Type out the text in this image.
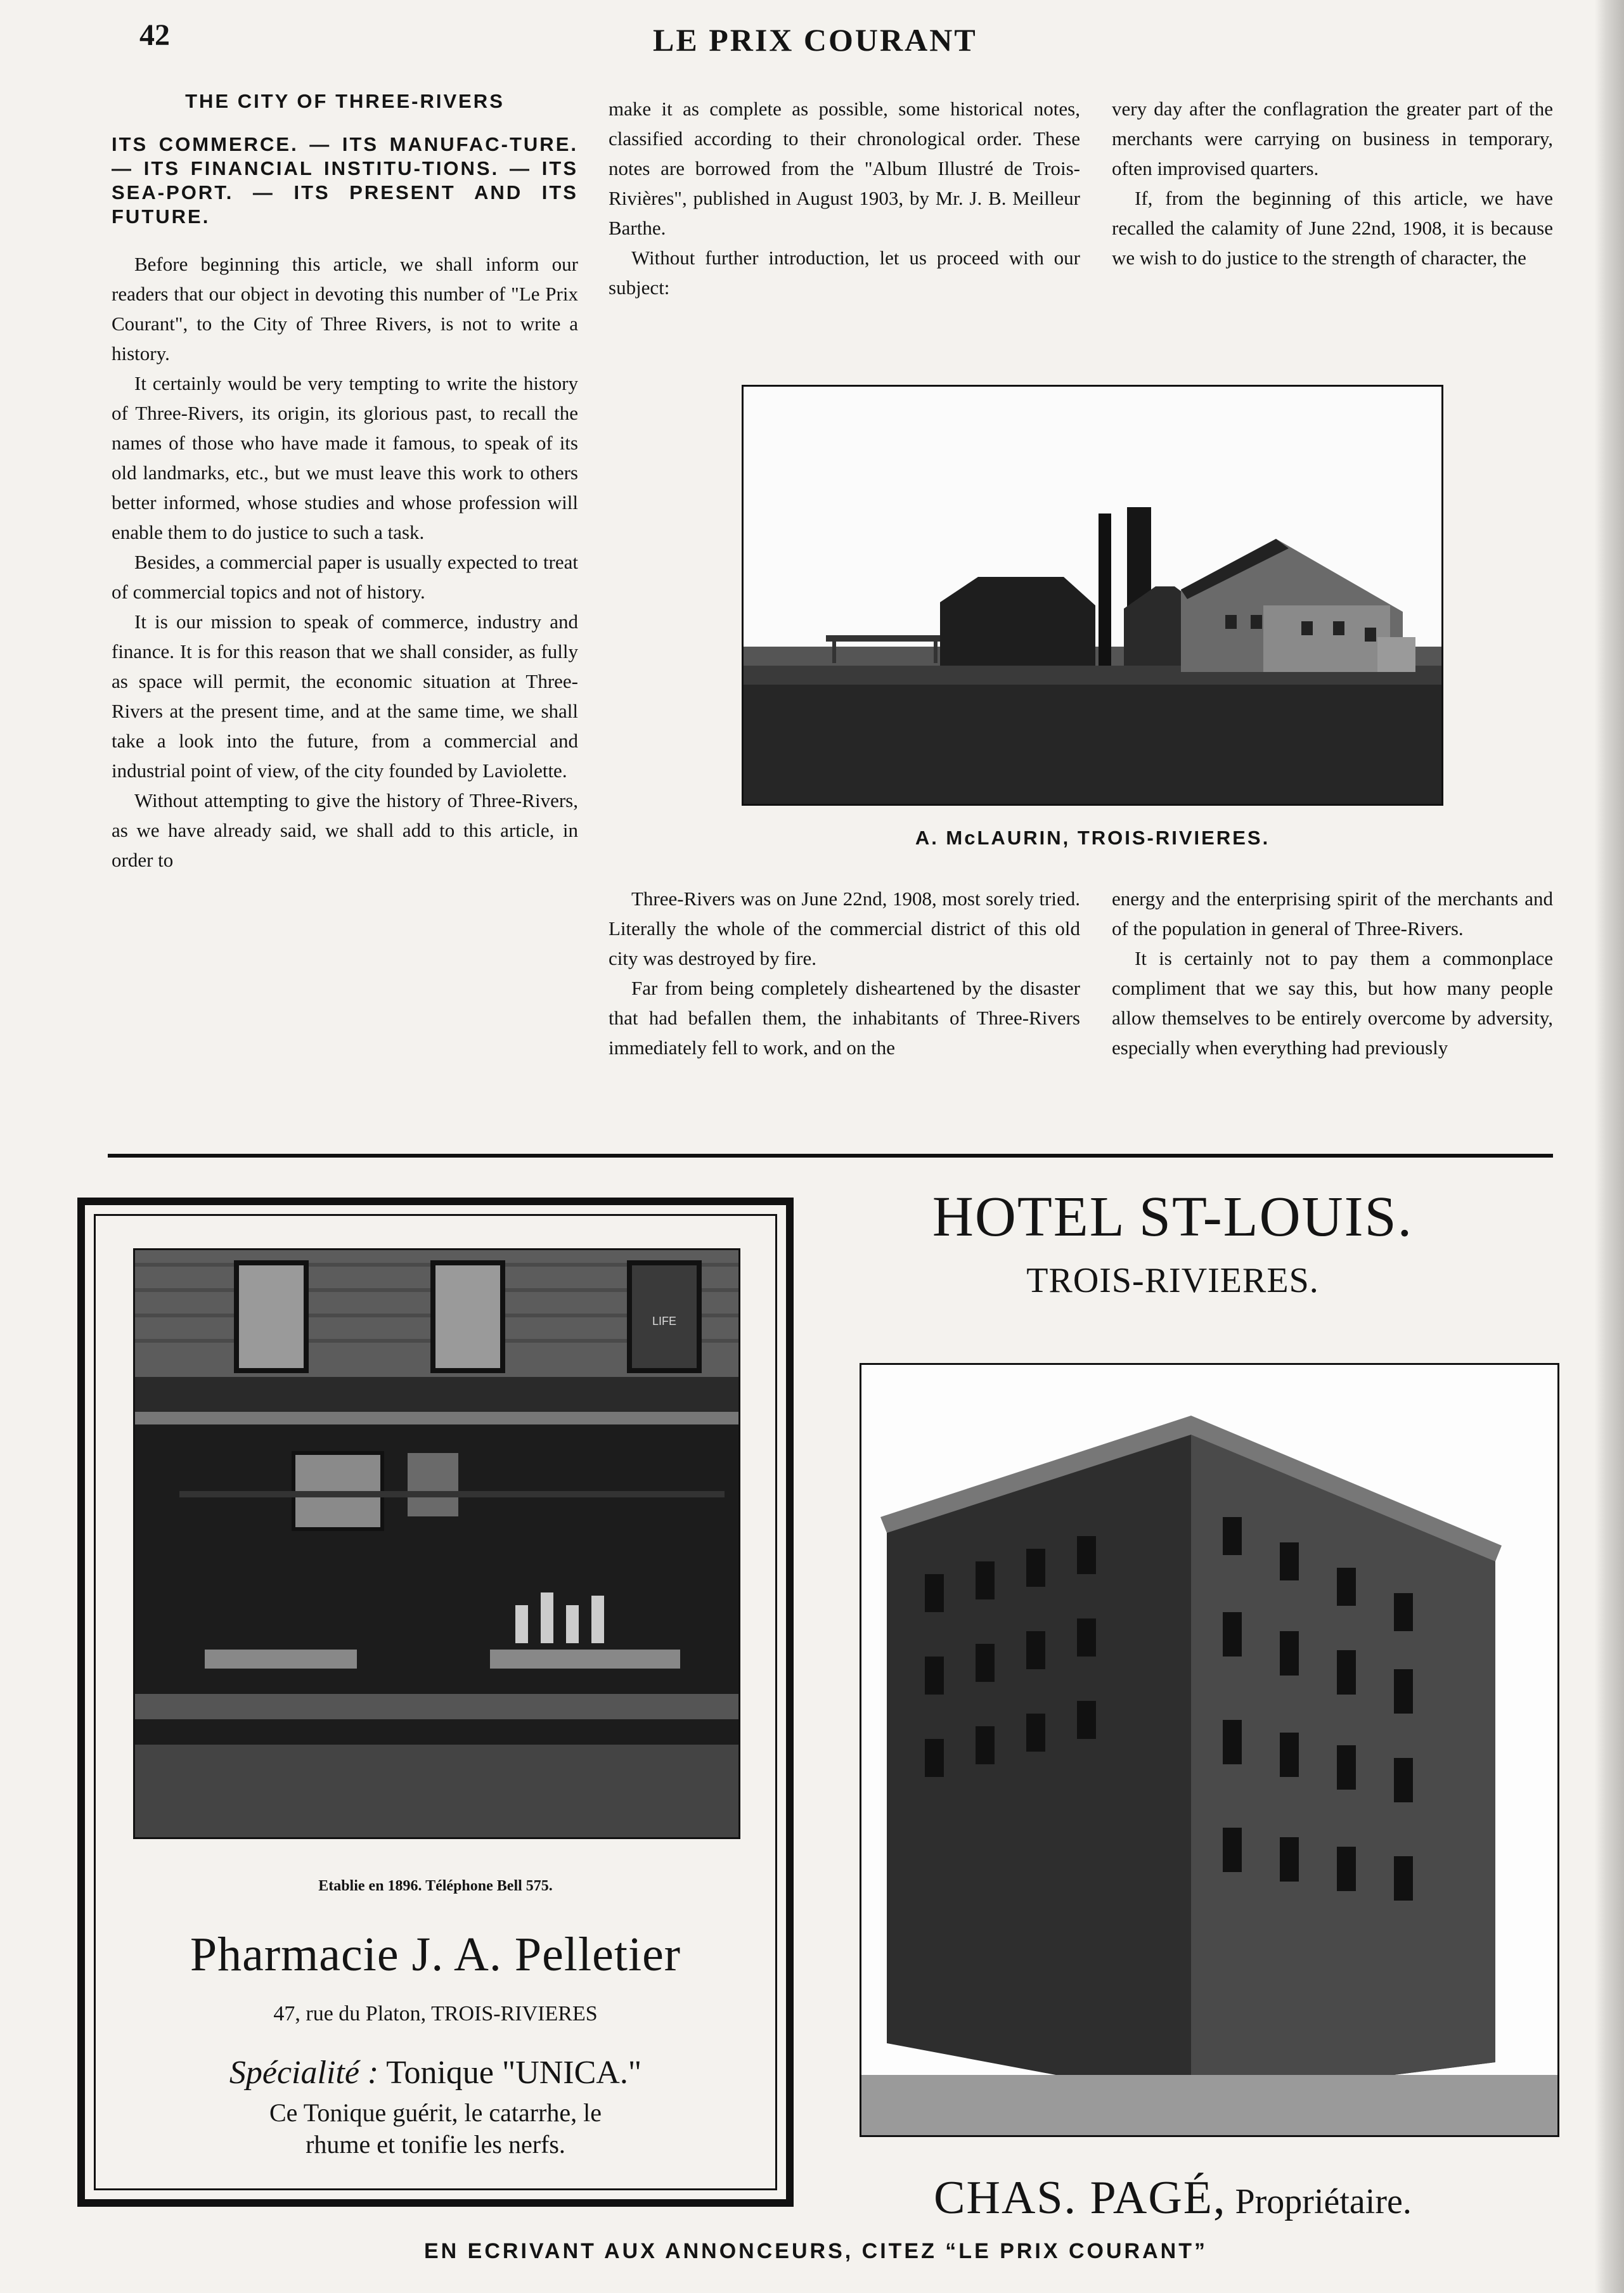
42	LE PRIX COURANT
THE CITY OF THREE-RIVERS
ITS COMMERCE. — ITS MANUFAC-TURE. — ITS FINANCIAL INSTITU-TIONS. — ITS SEA-PORT. — ITS PRESENT AND ITS FUTURE.

Before beginning this article, we shall inform our readers that our object in devoting this number of "Le Prix Courant", to the City of Three Rivers, is not to write a history.

It certainly would be very tempting to write the history of Three-Rivers, its origin, its glorious past, to recall the names of those who have made it famous, to speak of its old landmarks, etc., but we must leave this work to others better informed, whose studies and whose profession will enable them to do justice to such a task.

Besides, a commercial paper is usually expected to treat of commercial topics and not of history.

It is our mission to speak of commerce, industry and finance. It is for this reason that we shall consider, as fully as space will permit, the economic situation at Three-Rivers at the present time, and at the same time, we shall take a look into the future, from a commercial and industrial point of view, of the city founded by Laviolette.

Without attempting to give the history of Three-Rivers, as we have already said, we shall add to this article, in order to

make it as complete as possible, some historical notes, classified according to their chronological order. These notes are borrowed from the "Album Illustré de Trois-Rivières", published in August 1903, by Mr. J. B. Meilleur Barthe.

Without further introduction, let us proceed with our subject:

very day after the conflagration the greater part of the merchants were carrying on business in temporary, often improvised quarters.

If, from the beginning of this article, we have recalled the calamity of June 22nd, 1908, it is because we wish to do justice to the strength of character, the

A. McLAURIN, TROIS-RIVIERES.

Three-Rivers was on June 22nd, 1908, most sorely tried. Literally the whole of the commercial district of this old city was destroyed by fire.

Far from being completely disheartened by the disaster that had befallen them, the inhabitants of Three-Rivers immediately fell to work, and on the

energy and the enterprising spirit of the merchants and of the population in general of Three-Rivers.

It is certainly not to pay them a commonplace compliment that we say this, but how many people allow themselves to be entirely overcome by adversity, especially when everything had previously

LIFE
Etablie en 1896. Téléphone Bell 575.
Pharmacie J. A. Pelletier
47, rue du Platon, TROIS-RIVIERES
Spécialité : Tonique "UNICA."
Ce Tonique guérit, le catarrhe, le rhume et tonifie les nerfs.
HOTEL ST-LOUIS.
TROIS-RIVIERES.
CHAS. PAGÉ, Propriétaire.
EN ECRIVANT AUX ANNONCEURS, CITEZ “LE PRIX COURANT”
